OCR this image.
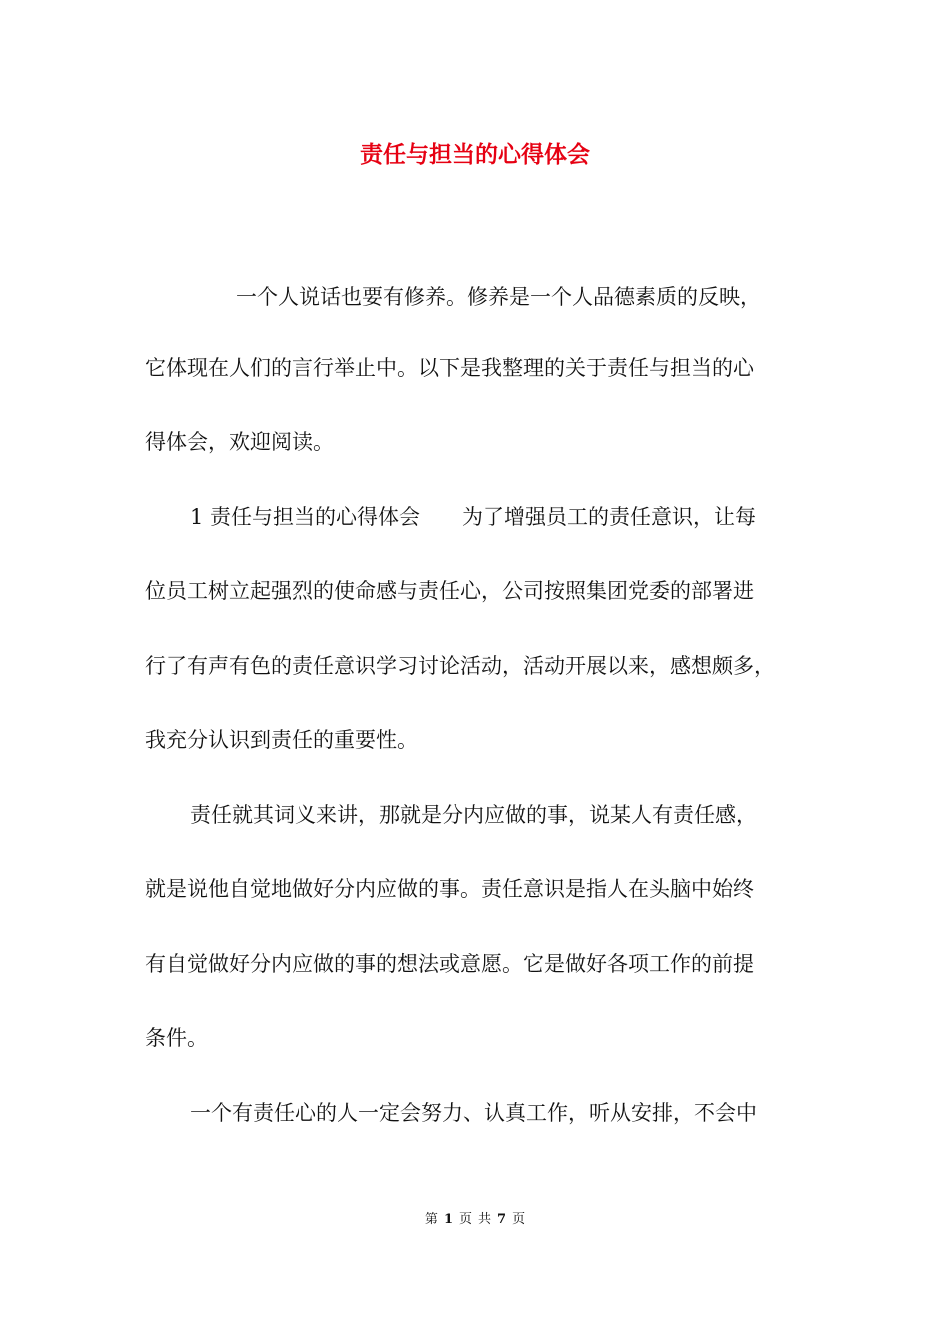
责任与担当的心得体会
一个人说话也要有修养。修养是一个人品德素质的反映，
它体现在人们的言行举止中。以下是我整理的关于责任与担当的心
得体会，欢迎阅读。
1 责任与担当的心得体会　　为了增强员工的责任意识，让每
位员工树立起强烈的使命感与责任心，公司按照集团党委的部署进
行了有声有色的责任意识学习讨论活动，活动开展以来，感想颇多，
我充分认识到责任的重要性。
责任就其词义来讲，那就是分内应做的事，说某人有责任感，
就是说他自觉地做好分内应做的事。责任意识是指人在头脑中始终
有自觉做好分内应做的事的想法或意愿。它是做好各项工作的前提
条件。
一个有责任心的人一定会努力、认真工作，听从安排，不会中
第 1 页 共 7 页
